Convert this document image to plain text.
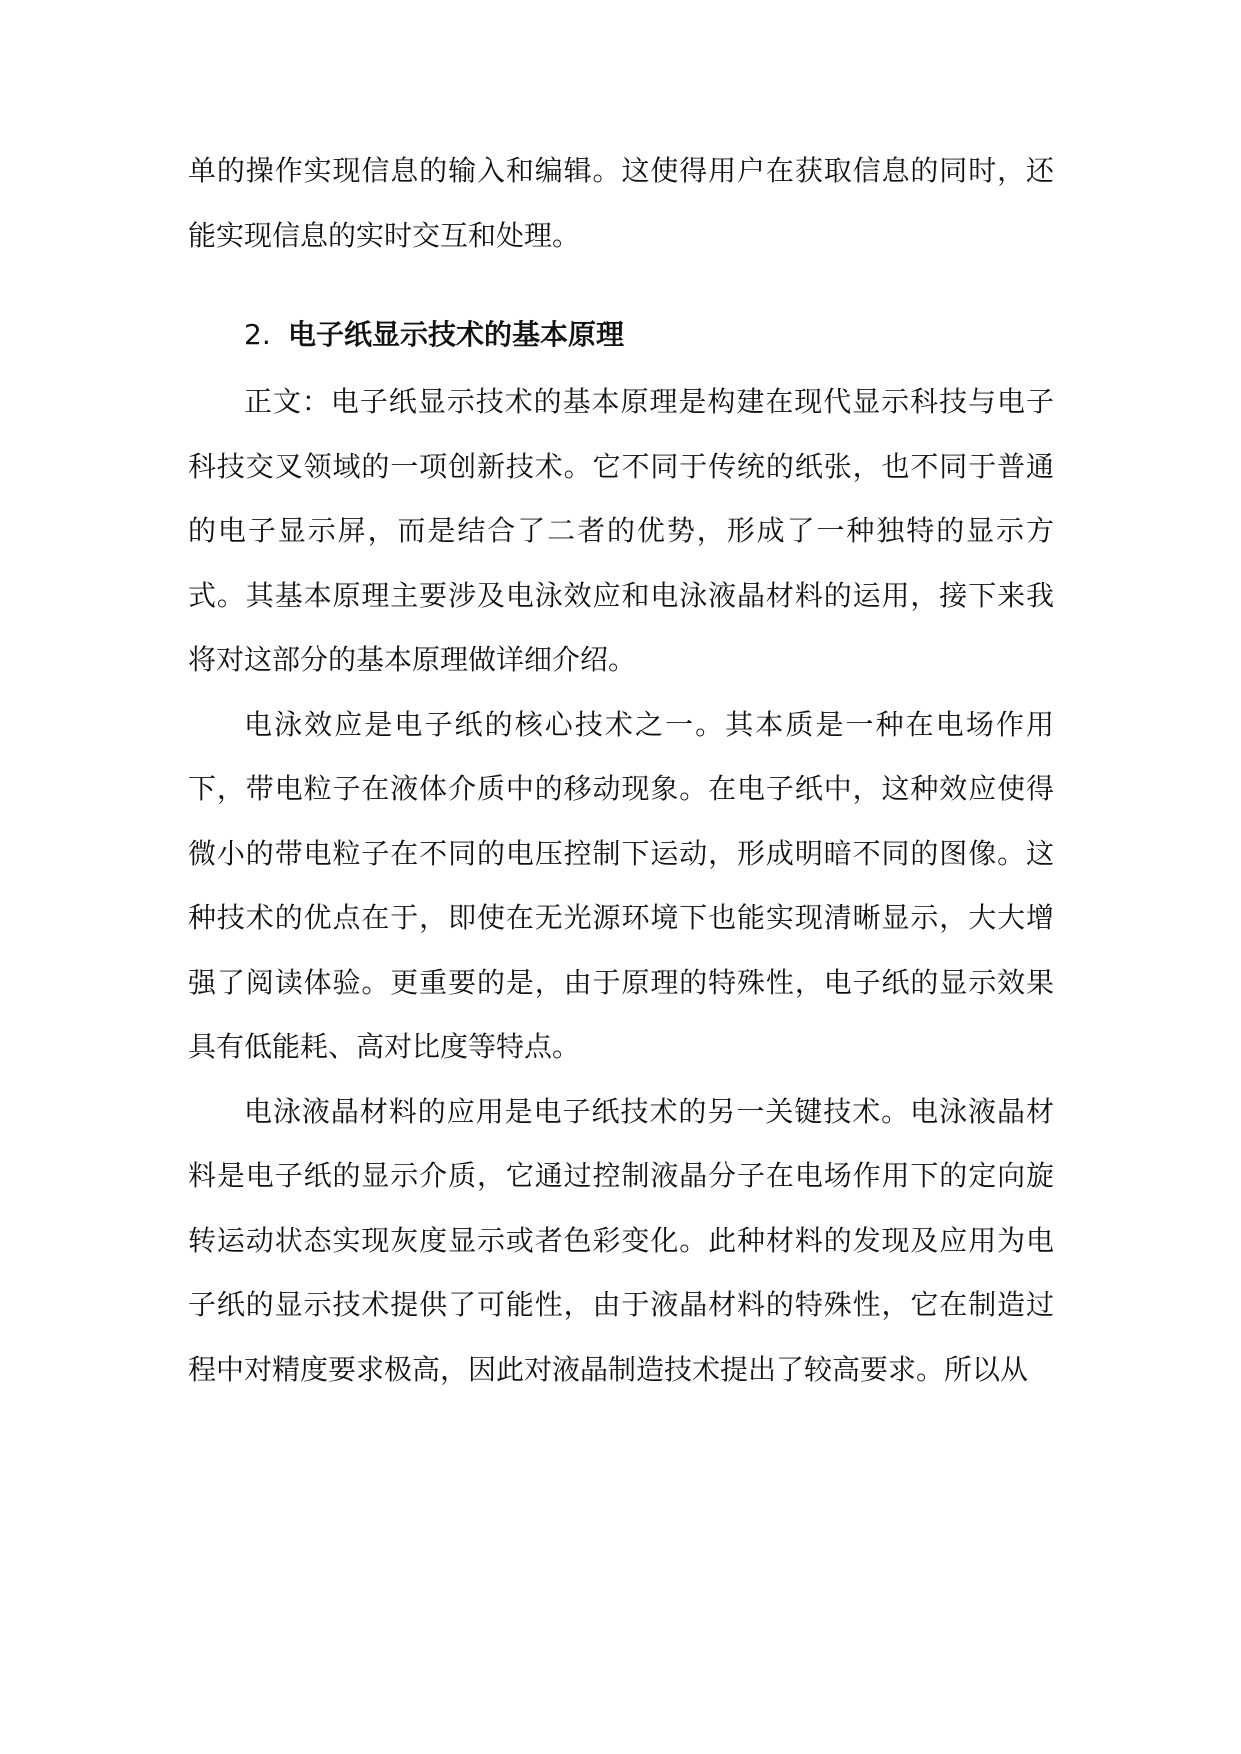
单的操作实现信息的输入和编辑。这使得用户在获取信息的同时，还能实现信息的实时交互和处理。

2. 电子纸显示技术的基本原理

正文：电子纸显示技术的基本原理是构建在现代显示科技与电子科技交叉领域的一项创新技术。它不同于传统的纸张，也不同于普通的电子显示屏，而是结合了二者的优势，形成了一种独特的显示方式。其基本原理主要涉及电泳效应和电泳液晶材料的运用，接下来我将对这部分的基本原理做详细介绍。

电泳效应是电子纸的核心技术之一。其本质是一种在电场作用下，带电粒子在液体介质中的移动现象。在电子纸中，这种效应使得微小的带电粒子在不同的电压控制下运动，形成明暗不同的图像。这种技术的优点在于，即使在无光源环境下也能实现清晰显示，大大增强了阅读体验。更重要的是，由于原理的特殊性，电子纸的显示效果具有低能耗、高对比度等特点。

电泳液晶材料的应用是电子纸技术的另一关键技术。电泳液晶材料是电子纸的显示介质，它通过控制液晶分子在电场作用下的定向旋转运动状态实现灰度显示或者色彩变化。此种材料的发现及应用为电子纸的显示技术提供了可能性，由于液晶材料的特殊性，它在制造过程中对精度要求极高，因此对液晶制造技术提出了较高要求。所以从
